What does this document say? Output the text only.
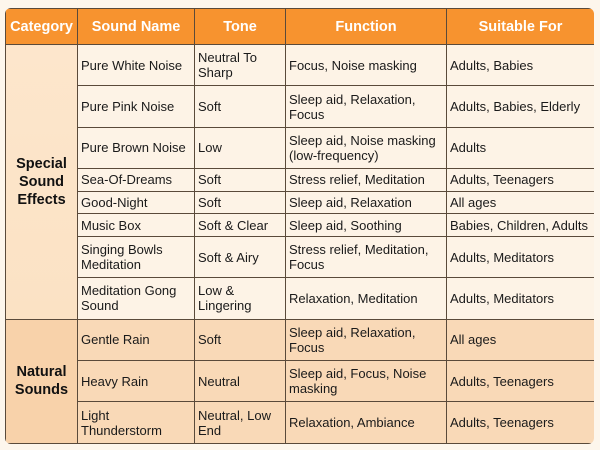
Category	Sound Name	Tone	Function	Suitable For
Special Sound Effects	Pure White Noise	Neutral To Sharp	Focus, Noise masking	Adults, Babies
	Pure Pink Noise	Soft	Sleep aid, Relaxation, Focus	Adults, Babies, Elderly
	Pure Brown Noise	Low	Sleep aid, Noise masking (low-frequency)	Adults
	Sea-Of-Dreams	Soft	Stress relief, Meditation	Adults, Teenagers
	Good-Night	Soft	Sleep aid, Relaxation	All ages
	Music Box	Soft & Clear	Sleep aid, Soothing	Babies, Children, Adults
	Singing Bowls Meditation	Soft & Airy	Stress relief, Meditation, Focus	Adults, Meditators
	Meditation Gong Sound	Low & Lingering	Relaxation, Meditation	Adults, Meditators
Natural Sounds	Gentle Rain	Soft	Sleep aid, Relaxation, Focus	All ages
	Heavy Rain	Neutral	Sleep aid, Focus, Noise masking	Adults, Teenagers
	Light Thunderstorm	Neutral, Low End	Relaxation, Ambiance	Adults, Teenagers
